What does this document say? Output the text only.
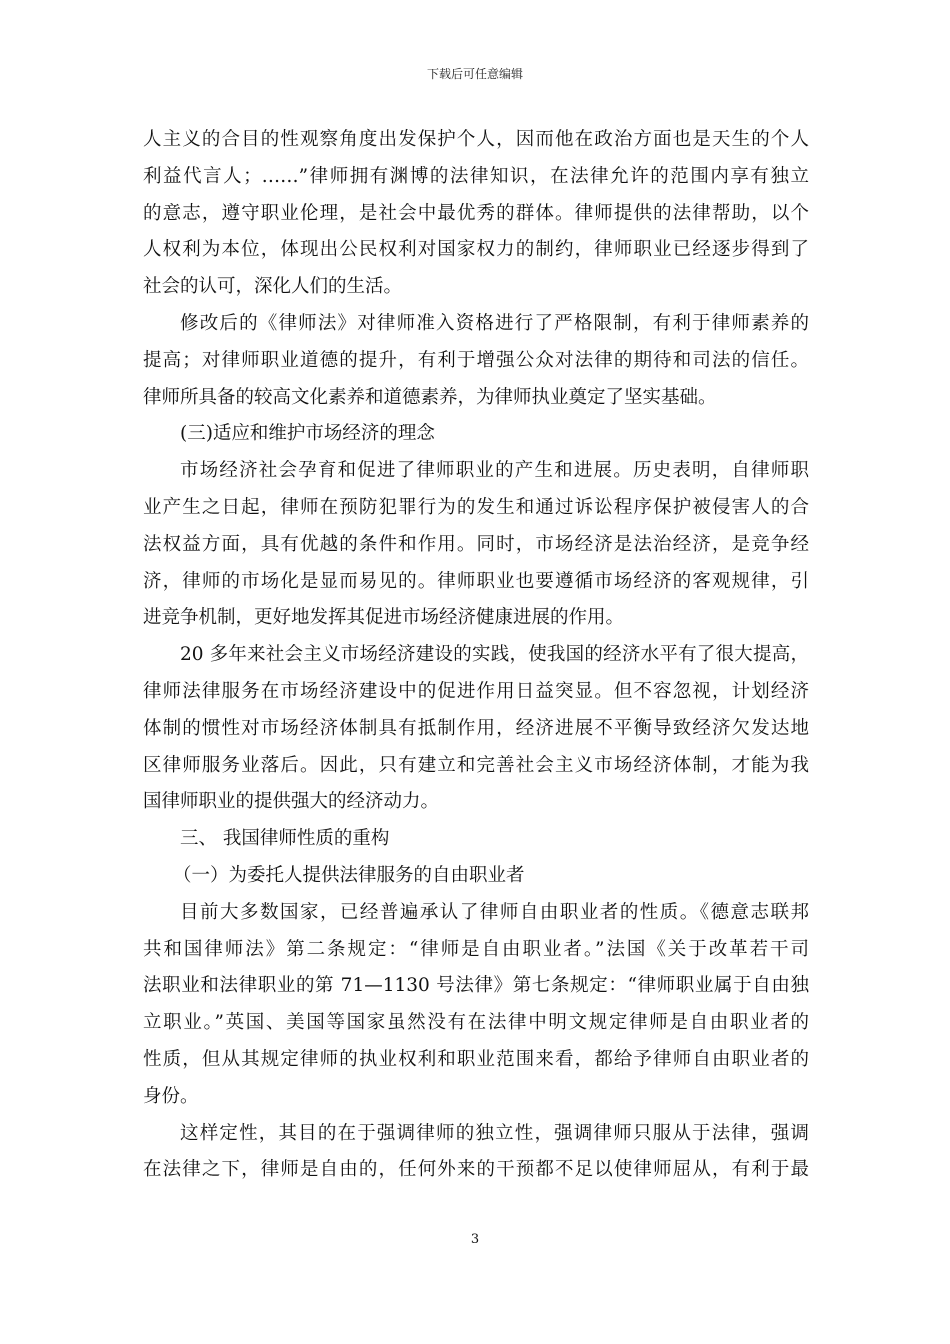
下载后可任意编辑
人主义的合目的性观察角度出发保护个人，因而他在政治方面也是天生的个人
利益代言人；……”律师拥有渊博的法律知识，在法律允许的范围内享有独立
的意志，遵守职业伦理，是社会中最优秀的群体。律师提供的法律帮助，以个
人权利为本位，体现出公民权利对国家权力的制约，律师职业已经逐步得到了
社会的认可，深化人们的生活。
修改后的《律师法》对律师准入资格进行了严格限制，有利于律师素养的
提高；对律师职业道德的提升，有利于增强公众对法律的期待和司法的信任。
律师所具备的较高文化素养和道德素养，为律师执业奠定了坚实基础。
(三)适应和维护市场经济的理念
市场经济社会孕育和促进了律师职业的产生和进展。历史表明，自律师职
业产生之日起，律师在预防犯罪行为的发生和通过诉讼程序保护被侵害人的合
法权益方面，具有优越的条件和作用。同时，市场经济是法治经济，是竞争经
济，律师的市场化是显而易见的。律师职业也要遵循市场经济的客观规律，引
进竞争机制，更好地发挥其促进市场经济健康进展的作用。
20 多年来社会主义市场经济建设的实践，使我国的经济水平有了很大提高，
律师法律服务在市场经济建设中的促进作用日益突显。但不容忽视，计划经济
体制的惯性对市场经济体制具有抵制作用，经济进展不平衡导致经济欠发达地
区律师服务业落后。因此，只有建立和完善社会主义市场经济体制，才能为我
国律师职业的提供强大的经济动力。
三、 我国律师性质的重构
（一）为委托人提供法律服务的自由职业者
目前大多数国家，已经普遍承认了律师自由职业者的性质。《德意志联邦
共和国律师法》第二条规定：“律师是自由职业者。”法国《关于改革若干司
法职业和法律职业的第 71—1130 号法律》第七条规定：“律师职业属于自由独
立职业。”英国、美国等国家虽然没有在法律中明文规定律师是自由职业者的
性质，但从其规定律师的执业权利和职业范围来看，都给予律师自由职业者的
身份。
这样定性，其目的在于强调律师的独立性，强调律师只服从于法律，强调
在法律之下，律师是自由的，任何外来的干预都不足以使律师屈从，有利于最
3
